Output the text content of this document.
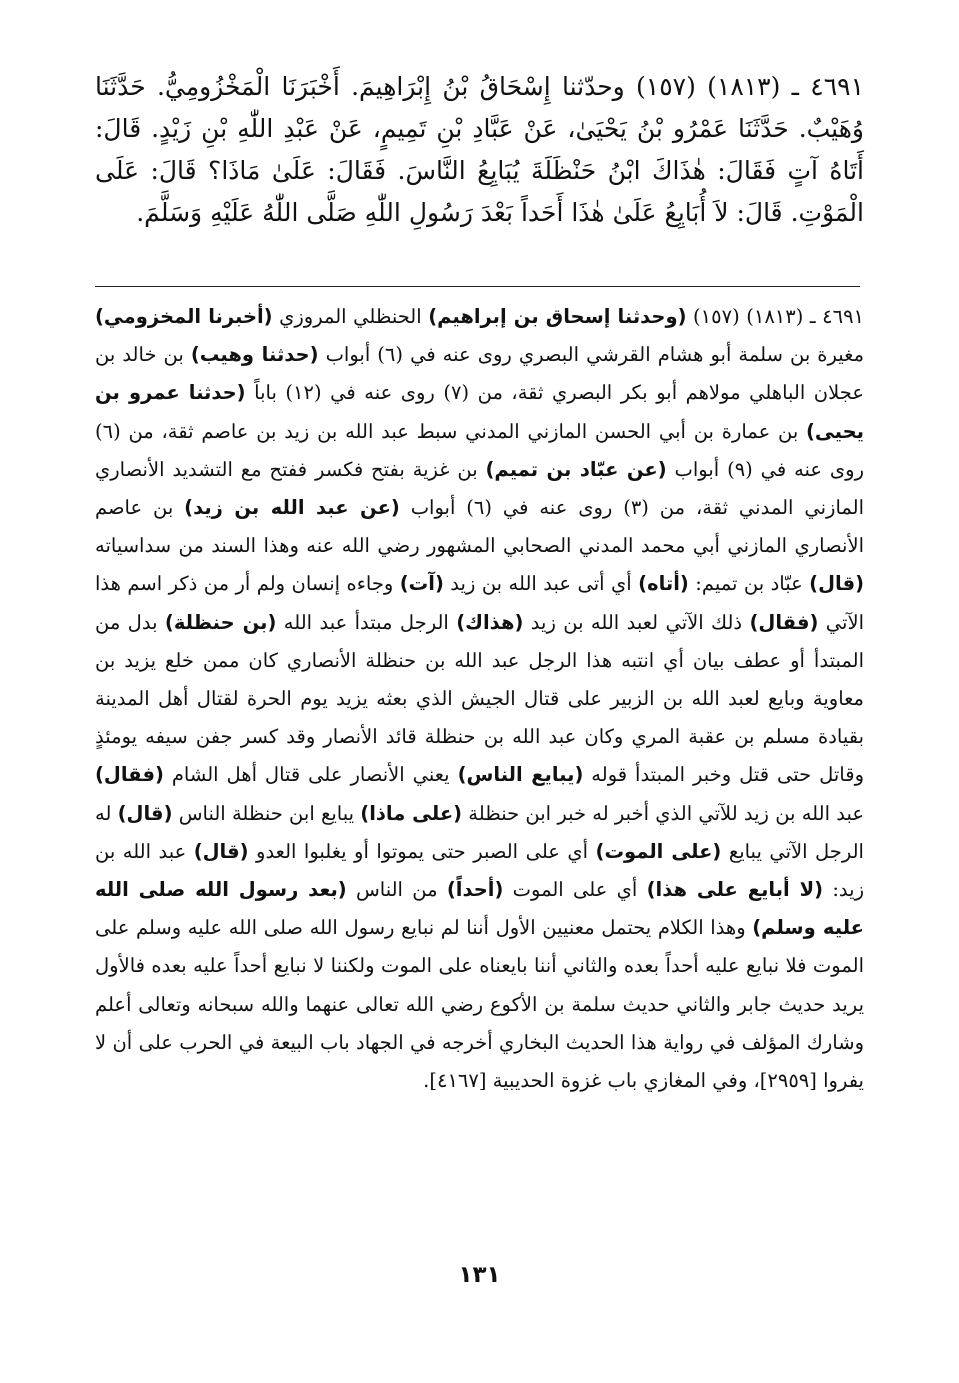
٤٦٩١ ـ (١٨١٣) (١٥٧) وحدّثنا إِسْحَاقُ بْنُ إِبْرَاهِيمَ. أَخْبَرَنَا الْمَخْزُومِيُّ. حَدَّثَنَا وُهَيْبٌ. حَدَّثَنَا عَمْرُو بْنُ يَحْيَىٰ، عَنْ عَبَّادِ بْنِ تَمِيمٍ، عَنْ عَبْدِ اللّٰهِ بْنِ زَيْدٍ. قَالَ: أَتَاهُ آتٍ فَقَالَ: هٰذَاكَ ابْنُ حَنْظَلَةَ يُبَايِعُ النَّاسَ. فَقَالَ: عَلَىٰ مَاذَا؟ قَالَ: عَلَى الْمَوْتِ. قَالَ: لاَ أُبَايِعُ عَلَىٰ هٰذَا أَحَداً بَعْدَ رَسُولِ اللّٰهِ صَلَّى اللّٰهُ عَلَيْهِ وَسَلَّمَ.

٤٦٩١ ـ (١٨١٣) (١٥٧) (وحدثنا إسحاق بن إبراهيم) الحنظلي المروزي (أخبرنا المخزومي) مغيرة بن سلمة أبو هشام القرشي البصري روى عنه في (٦) أبواب (حدثنا وهيب) بن خالد بن عجلان الباهلي مولاهم أبو بكر البصري ثقة، من (٧) روى عنه في (١٢) باباً (حدثنا عمرو بن يحيى) بن عمارة بن أبي الحسن المازني المدني سبط عبد الله بن زيد بن عاصم ثقة، من (٦) روى عنه في (٩) أبواب (عن عبّاد بن تميم) بن غزية بفتح فكسر ففتح مع التشديد الأنصاري المازني المدني ثقة، من (٣) روى عنه في (٦) أبواب (عن عبد الله بن زيد) بن عاصم الأنصاري المازني أبي محمد المدني الصحابي المشهور رضي الله عنه وهذا السند من سداسياته (قال) عبّاد بن تميم: (أتاه) أي أتى عبد الله بن زيد (آت) وجاءه إنسان ولم أر من ذكر اسم هذا الآتي (فقال) ذلك الآتي لعبد الله بن زيد (هذاك) الرجل مبتدأ عبد الله (بن حنظلة) بدل من المبتدأ أو عطف بيان أي انتبه هذا الرجل عبد الله بن حنظلة الأنصاري كان ممن خلع يزيد بن معاوية وبايع لعبد الله بن الزبير على قتال الجيش الذي بعثه يزيد يوم الحرة لقتال أهل المدينة بقيادة مسلم بن عقبة المري وكان عبد الله بن حنظلة قائد الأنصار وقد كسر جفن سيفه يومئذٍ وقاتل حتى قتل وخبر المبتدأ قوله (يبايع الناس) يعني الأنصار على قتال أهل الشام (فقال) عبد الله بن زيد للآتي الذي أخبر له خبر ابن حنظلة (على ماذا) يبايع ابن حنظلة الناس (قال) له الرجل الآتي يبايع (على الموت) أي على الصبر حتى يموتوا أو يغلبوا العدو (قال) عبد الله بن زيد: (لا أبايع على هذا) أي على الموت (أحداً) من الناس (بعد رسول الله صلى الله عليه وسلم) وهذا الكلام يحتمل معنيين الأول أننا لم نبايع رسول الله صلى الله عليه وسلم على الموت فلا نبايع عليه أحداً بعده والثاني أننا بايعناه على الموت ولكننا لا نبايع أحداً عليه بعده فالأول يريد حديث جابر والثاني حديث سلمة بن الأكوع رضي الله تعالى عنهما والله سبحانه وتعالى أعلم وشارك المؤلف في رواية هذا الحديث البخاري أخرجه في الجهاد باب البيعة في الحرب على أن لا يفروا [٢٩٥٩]، وفي المغازي باب غزوة الحديبية [٤١٦٧].

١٣١
